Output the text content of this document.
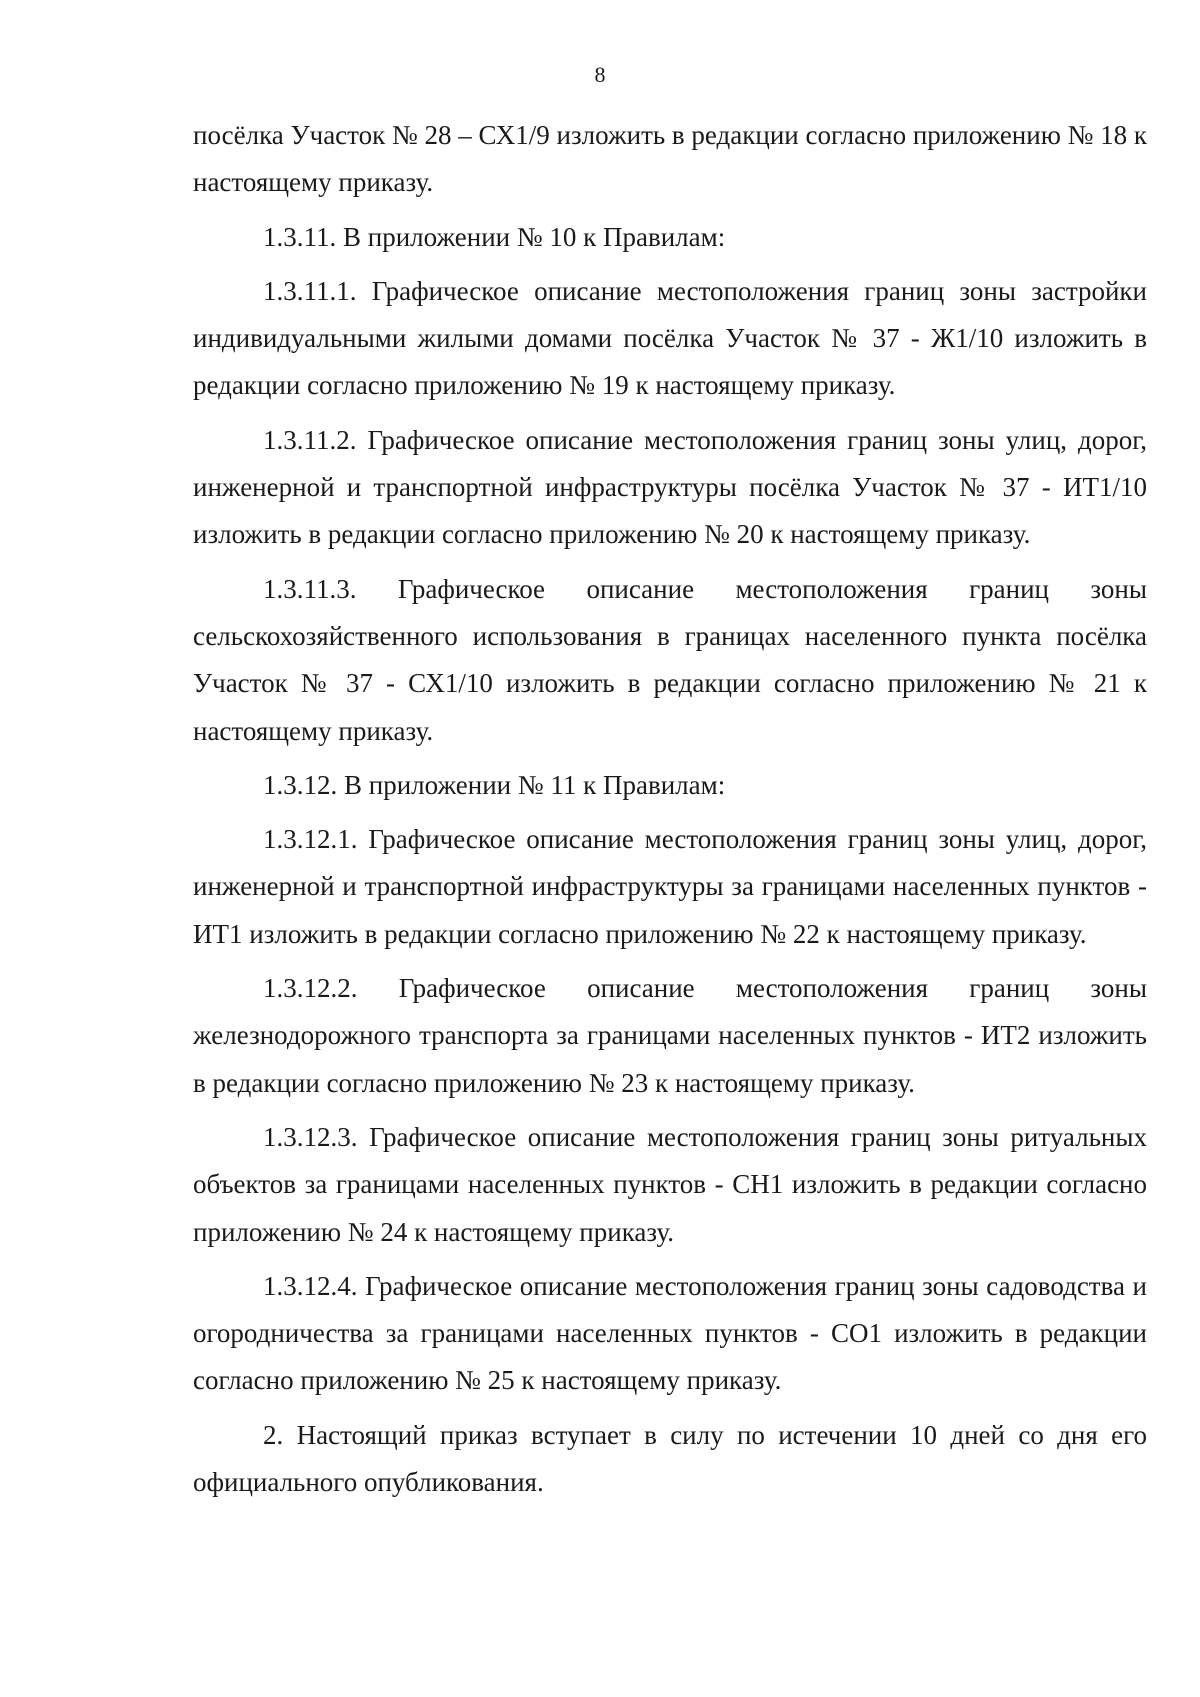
8

посёлка Участок № 28 – СХ1/9 изложить в редакции согласно приложению № 18 к настоящему приказу.

1.3.11. В приложении № 10 к Правилам:

1.3.11.1. Графическое описание местоположения границ зоны застройки индивидуальными жилыми домами посёлка Участок № 37 - Ж1/10 изложить в редакции согласно приложению № 19 к настоящему приказу.

1.3.11.2. Графическое описание местоположения границ зоны улиц, дорог, инженерной и транспортной инфраструктуры посёлка Участок № 37 - ИТ1/10 изложить в редакции согласно приложению № 20 к настоящему приказу.

1.3.11.3. Графическое описание местоположения границ зоны сельскохозяйственного использования в границах населенного пункта посёлка Участок № 37 - СХ1/10 изложить в редакции согласно приложению № 21 к настоящему приказу.

1.3.12. В приложении № 11 к Правилам:

1.3.12.1. Графическое описание местоположения границ зоны улиц, дорог, инженерной и транспортной инфраструктуры за границами населенных пунктов - ИТ1 изложить в редакции согласно приложению № 22 к настоящему приказу.

1.3.12.2. Графическое описание местоположения границ зоны железнодорожного транспорта за границами населенных пунктов - ИТ2 изложить в редакции согласно приложению № 23 к настоящему приказу.

1.3.12.3. Графическое описание местоположения границ зоны ритуальных объектов за границами населенных пунктов - СН1 изложить в редакции согласно приложению № 24 к настоящему приказу.

1.3.12.4. Графическое описание местоположения границ зоны садоводства и огородничества за границами населенных пунктов - СО1 изложить в редакции согласно приложению № 25 к настоящему приказу.

2. Настоящий приказ вступает в силу по истечении 10 дней со дня его официального опубликования.
